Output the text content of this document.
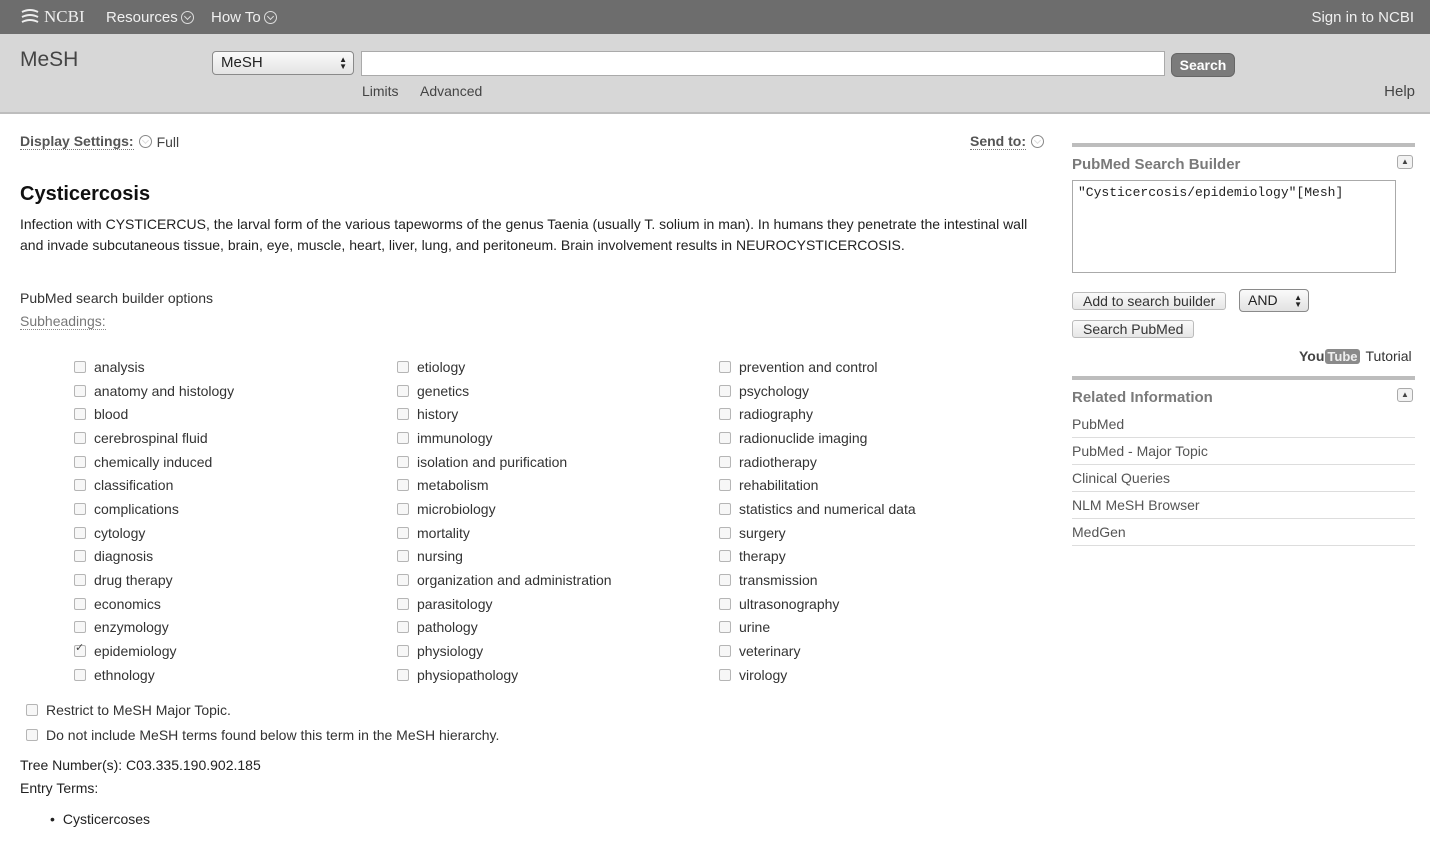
NCBI Resources How To	Sign in to NCBI
MeSH	MeSH	▲
▼	Search
Limits Advanced	Help
Display Settings: Full	Send to:
Cysticercosis

Infection with CYSTICERCUS, the larval form of the various tapeworms of the genus Taenia (usually T. solium in man). In humans they penetrate the intestinal wall and invade subcutaneous tissue, brain, eye, muscle, heart, liver, lung, and peritoneum. Brain involvement results in NEUROCYSTICERCOSIS.

PubMed search builder options
Subheadings:
analysis
anatomy and histology
blood
cerebrospinal fluid
chemically induced
classification
complications
cytology
diagnosis
drug therapy
economics
enzymology
✓
epidemiology
ethnology
etiology
genetics
history
immunology
isolation and purification
metabolism
microbiology
mortality
nursing
organization and administration
parasitology
pathology
physiology
physiopathology
prevention and control
psychology
radiography
radionuclide imaging
radiotherapy
rehabilitation
statistics and numerical data
surgery
therapy
transmission
ultrasonography
urine
veterinary
virology
Restrict to MeSH Major Topic.
Do not include MeSH terms found below this term in the MeSH hierarchy.
Tree Number(s): C03.335.190.902.185
Entry Terms:
• Cysticercoses
PubMed Search Builder	▲
"Cysticercosis/epidemiology"[Mesh]
Add to search builder	AND ▲
▼
Search PubMed
You Tube Tutorial
Related Information	▲
PubMed
PubMed - Major Topic
Clinical Queries
NLM MeSH Browser
MedGen
